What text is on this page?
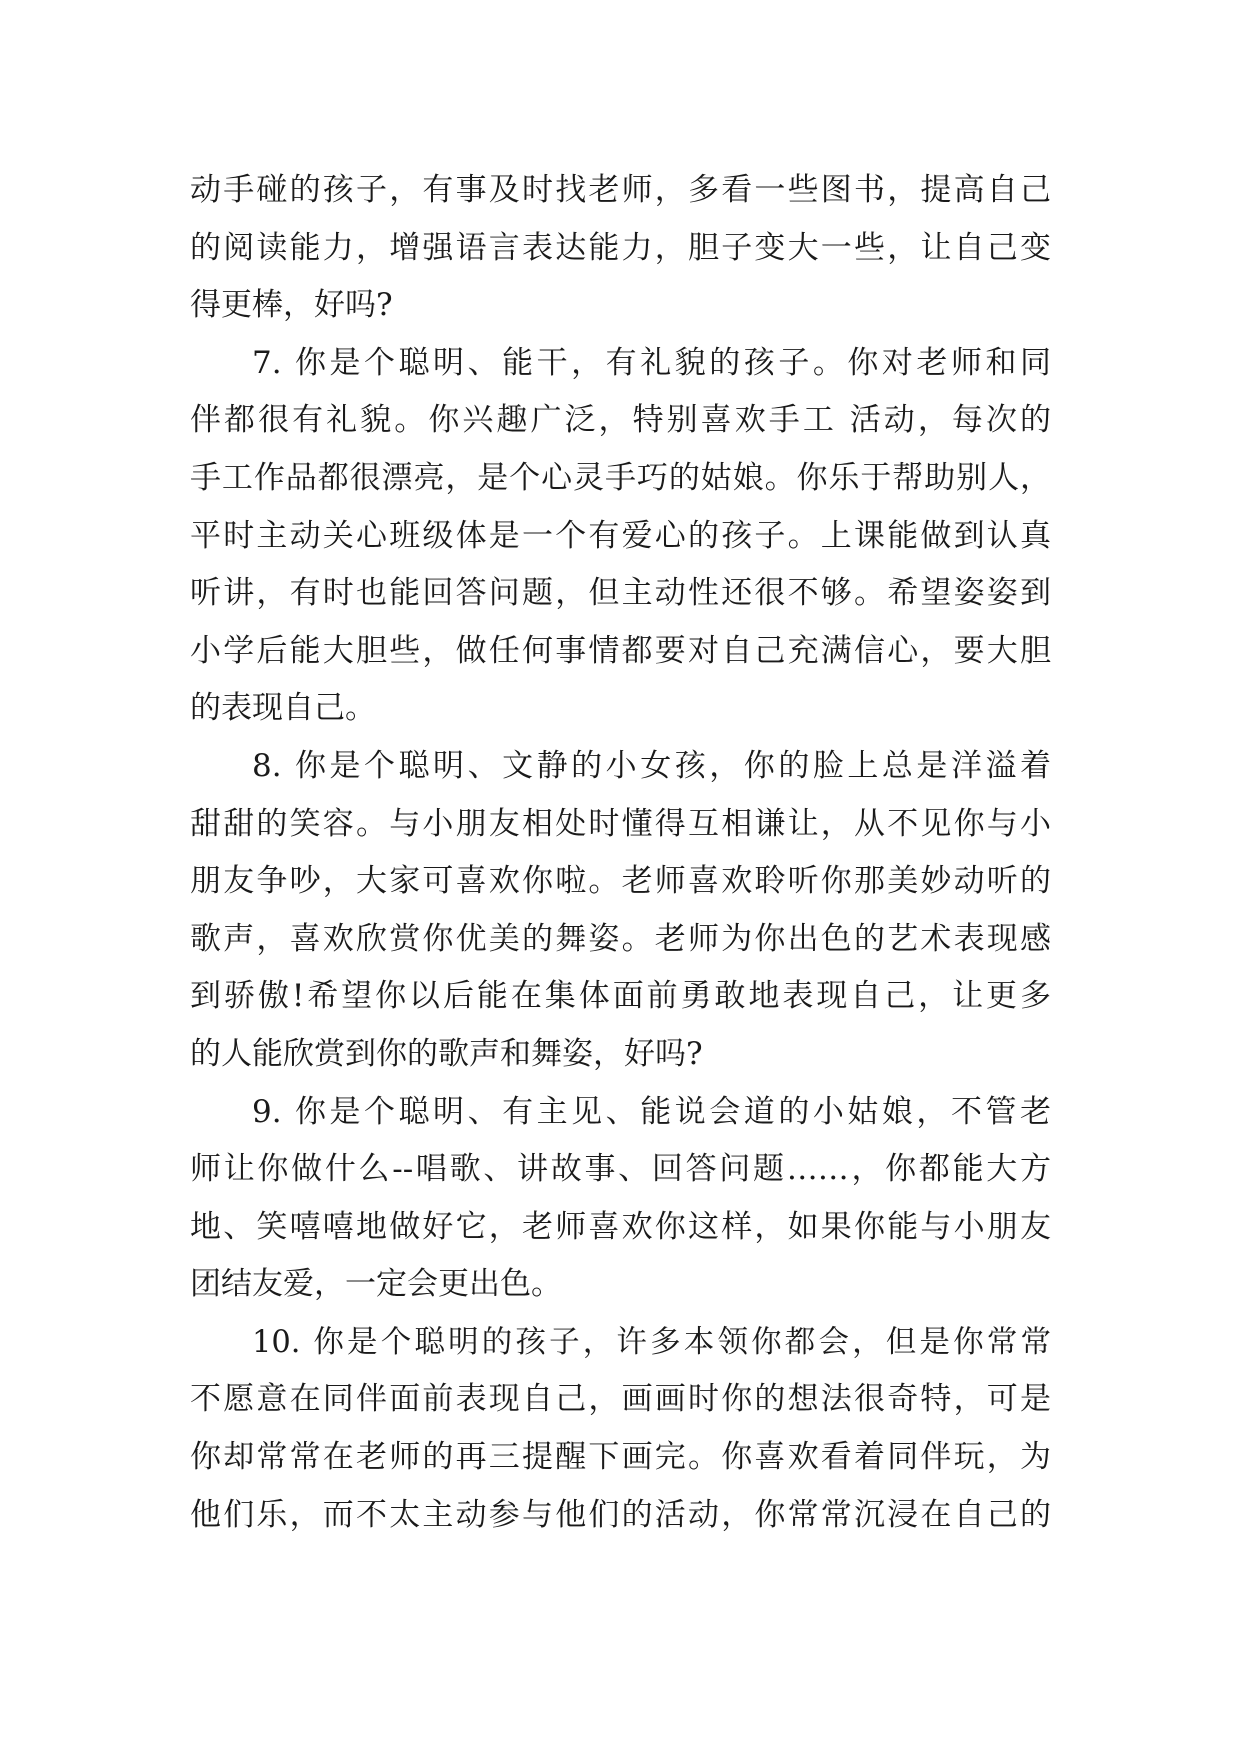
动手碰的孩子，有事及时找老师，多看一些图书，提高自己
的阅读能力，增强语言表达能力，胆子变大一些，让自己变
得更棒，好吗?
7. 你是个聪明、能干，有礼貌的孩子。你对老师和同
伴都很有礼貌。你兴趣广泛，特别喜欢手工 活动，每次的
手工作品都很漂亮，是个心灵手巧的姑娘。你乐于帮助别人，
平时主动关心班级体是一个有爱心的孩子。上课能做到认真
听讲，有时也能回答问题，但主动性还很不够。希望姿姿到
小学后能大胆些，做任何事情都要对自己充满信心，要大胆
的表现自己。
8. 你是个聪明、文静的小女孩，你的脸上总是洋溢着
甜甜的笑容。与小朋友相处时懂得互相谦让，从不见你与小
朋友争吵，大家可喜欢你啦。老师喜欢聆听你那美妙动听的
歌声，喜欢欣赏你优美的舞姿。老师为你出色的艺术表现感
到骄傲!希望你以后能在集体面前勇敢地表现自己，让更多
的人能欣赏到你的歌声和舞姿，好吗?
9. 你是个聪明、有主见、能说会道的小姑娘，不管老
师让你做什么--唱歌、讲故事、回答问题……，你都能大方
地、笑嘻嘻地做好它，老师喜欢你这样，如果你能与小朋友
团结友爱，一定会更出色。
10. 你是个聪明的孩子，许多本领你都会，但是你常常
不愿意在同伴面前表现自己，画画时你的想法很奇特，可是
你却常常在老师的再三提醒下画完。你喜欢看着同伴玩，为
他们乐，而不太主动参与他们的活动，你常常沉浸在自己的
